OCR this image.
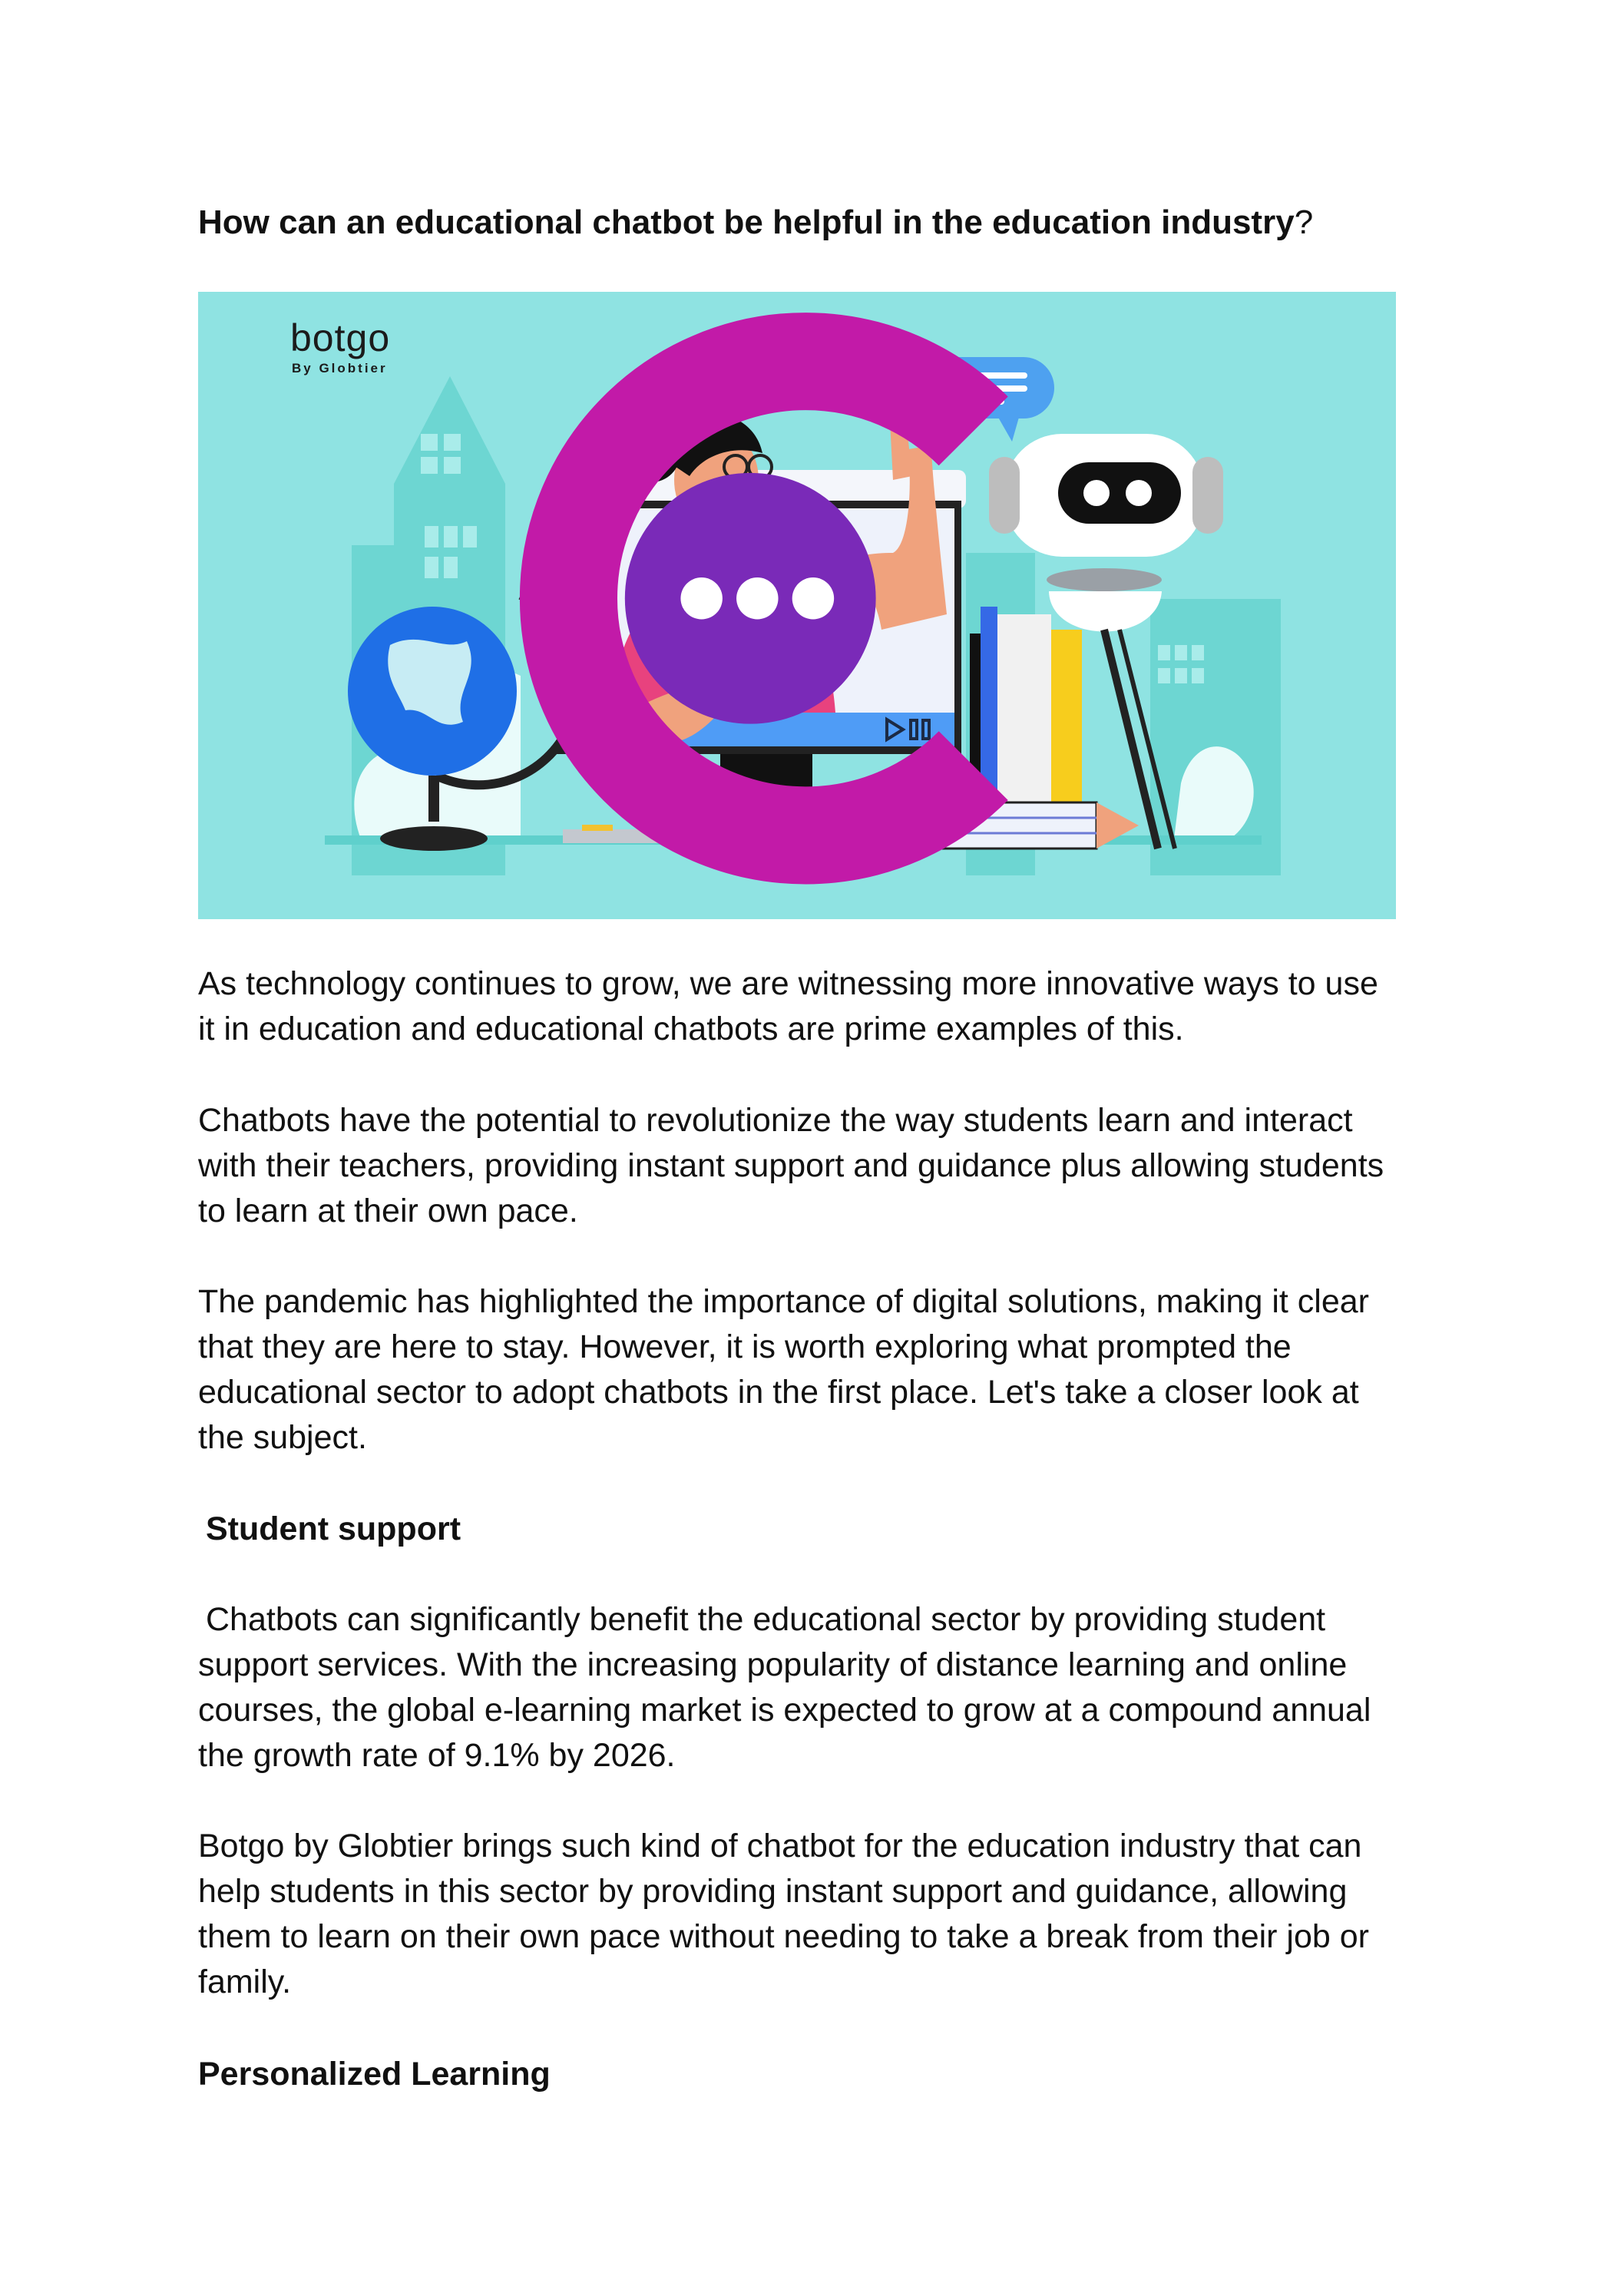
How can an educational chatbot be helpful in the education industry?
botgo
By Globtier

As technology continues to grow, we are witnessing more innovative ways to use
it in education and educational chatbots are prime examples of this.

Chatbots have the potential to revolutionize the way students learn and interact
with their teachers, providing instant support and guidance plus allowing students
to learn at their own pace.

The pandemic has highlighted the importance of digital solutions, making it clear
that they are here to stay. However, it is worth exploring what prompted the
educational sector to adopt chatbots in the first place. Let's take a closer look at
the subject.

Student support

Chatbots can significantly benefit the educational sector by providing student
support services. With the increasing popularity of distance learning and online
courses, the global e-learning market is expected to grow at a compound annual
the growth rate of 9.1% by 2026.

Botgo by Globtier brings such kind of chatbot for the education industry that can
help students in this sector by providing instant support and guidance, allowing
them to learn on their own pace without needing to take a break from their job or
family.

Personalized Learning
